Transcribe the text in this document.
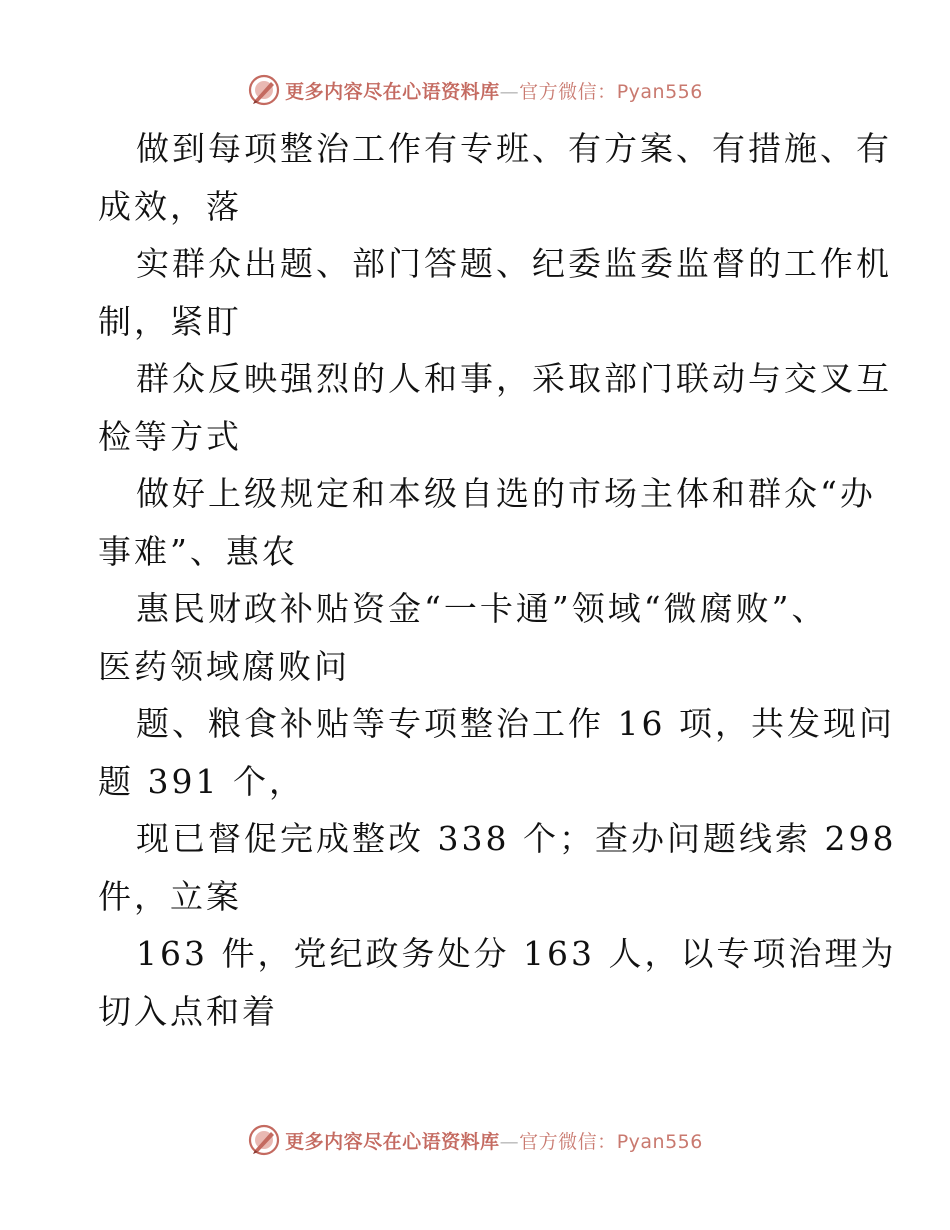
更多内容尽在心语资料库—官方微信：Pyan556

做到每项整治工作有专班、有方案、有措施、有
成效，落

实群众出题、部门答题、纪委监委监督的工作机
制，紧盯

群众反映强烈的人和事，采取部门联动与交叉互
检等方式

做好上级规定和本级自选的市场主体和群众“办
事难”、惠农

惠民财政补贴资金“一卡通”领域“微腐败”、
医药领域腐败问

题、粮食补贴等专项整治工作 16 项，共发现问
题 391 个，

现已督促完成整改 338 个；查办问题线索 298
件，立案

163 件，党纪政务处分 163 人，以专项治理为
切入点和着

更多内容尽在心语资料库—官方微信：Pyan556
